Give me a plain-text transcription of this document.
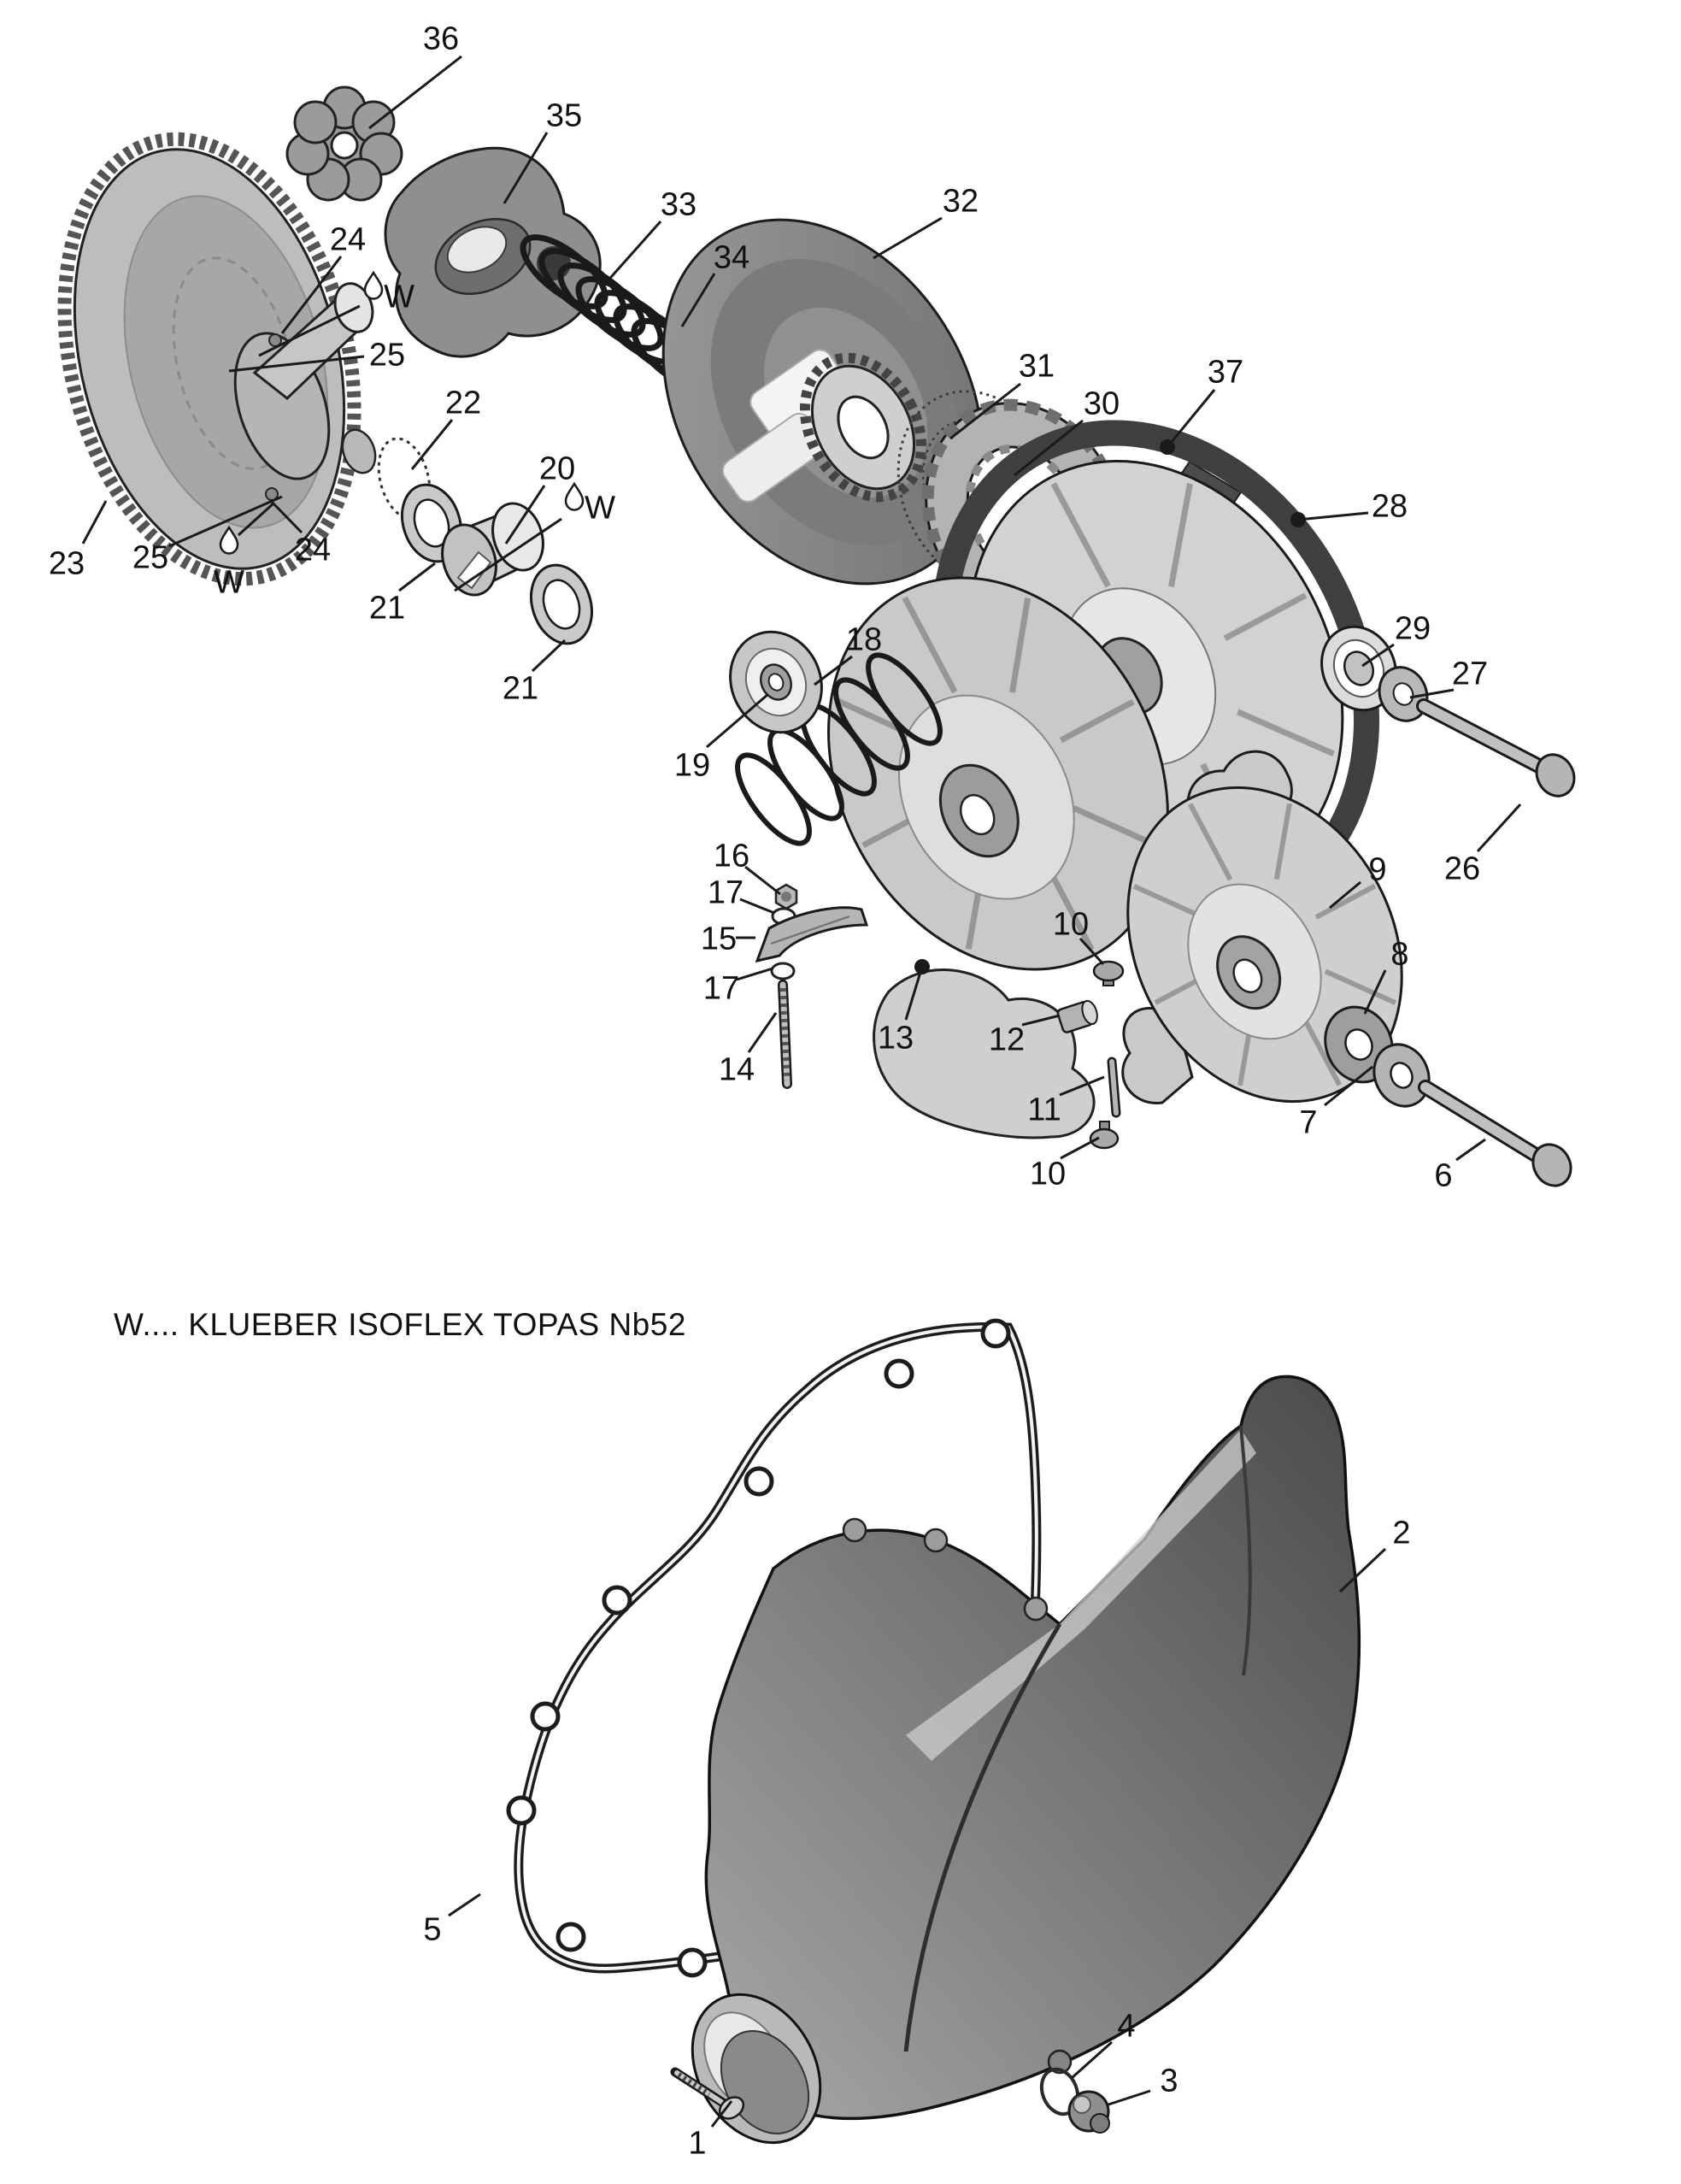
W.... KLUEBER ISOFLEX TOPAS Nb52
36
35
33
34
32
24
W
25
22
20
W
31
30
37
28
23 25
W
24
21
21
18
19
29
27
26
16
17
15
17
14
13 12
10
11
10
9
8
7
6
2
5
1
4
3
